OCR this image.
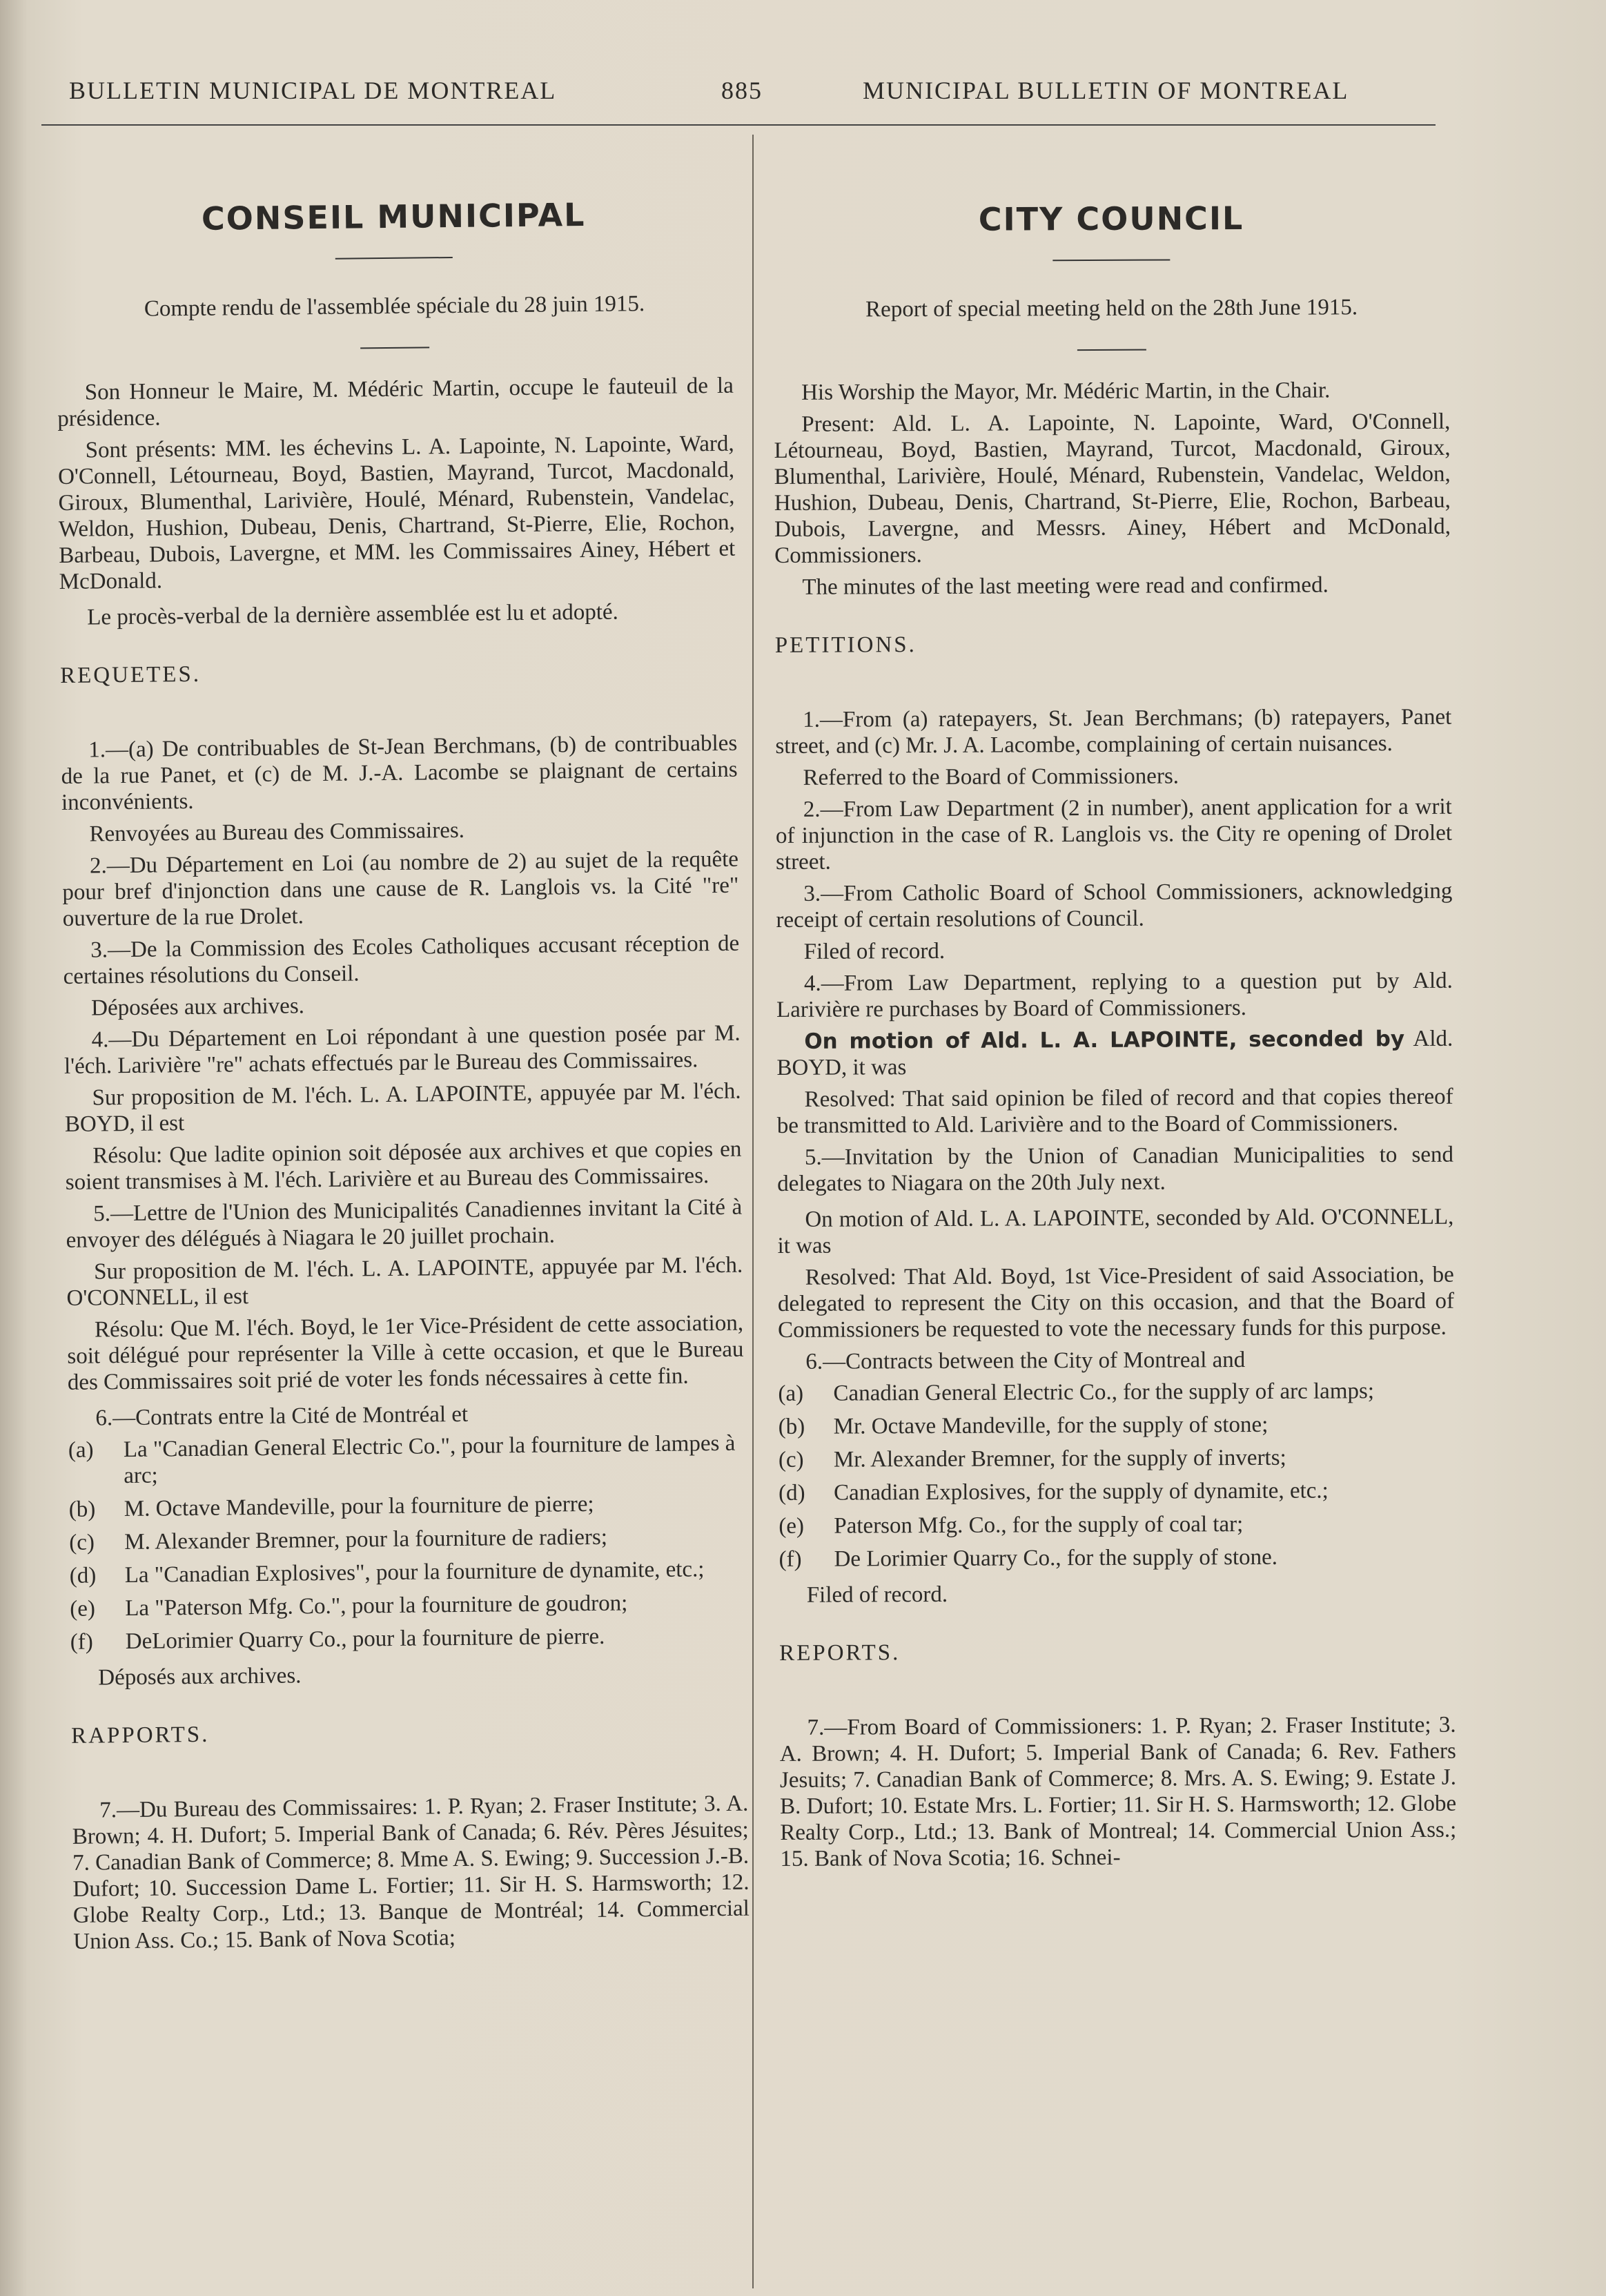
BULLETIN MUNICIPAL DE MONTREAL	885	MUNICIPAL BULLETIN OF MONTREAL
CONSEIL MUNICIPAL

Compte rendu de l'assemblée spéciale du 28 juin 1915.

Son Honneur le Maire, M. Médéric Martin, occupe le fauteuil de la présidence.

Sont présents: MM. les échevins L. A. Lapointe, N. Lapointe, Ward, O'Connell, Létourneau, Boyd, Bastien, Mayrand, Turcot, Macdonald, Giroux, Blumenthal, Larivière, Houlé, Ménard, Rubenstein, Vandelac, Weldon, Hushion, Dubeau, Denis, Chartrand, St-Pierre, Elie, Rochon, Barbeau, Dubois, Lavergne, et MM. les Commissaires Ainey, Hébert et McDonald.

Le procès-verbal de la dernière assemblée est lu et adopté.

REQUETES.

1.—(a) De contribuables de St-Jean Berchmans, (b) de contribuables de la rue Panet, et (c) de M. J.-A. Lacombe se plaignant de certains inconvénients.

Renvoyées au Bureau des Commissaires.

2.—Du Département en Loi (au nombre de 2) au sujet de la requête pour bref d'injonction dans une cause de R. Langlois vs. la Cité "re" ouverture de la rue Drolet.

3.—De la Commission des Ecoles Catholiques accusant réception de certaines résolutions du Conseil.

Déposées aux archives.

4.—Du Département en Loi répondant à une question posée par M. l'éch. Larivière "re" achats effectués par le Bureau des Commissaires.

Sur proposition de M. l'éch. L. A. LAPOINTE, appuyée par M. l'éch. BOYD, il est

Résolu: Que ladite opinion soit déposée aux archives et que copies en soient transmises à M. l'éch. Larivière et au Bureau des Commissaires.

5.—Lettre de l'Union des Municipalités Canadiennes invitant la Cité à envoyer des délégués à Niagara le 20 juillet prochain.

Sur proposition de M. l'éch. L. A. LAPOINTE, appuyée par M. l'éch. O'CONNELL, il est

Résolu: Que M. l'éch. Boyd, le 1er Vice-Président de cette association, soit délégué pour représenter la Ville à cette occasion, et que le Bureau des Commissaires soit prié de voter les fonds nécessaires à cette fin.

6.—Contrats entre la Cité de Montréal et

(a)	La "Canadian General Electric Co.", pour la fourniture de lampes à arc;
(b)	M. Octave Mandeville, pour la fourniture de pierre;
(c)	M. Alexander Bremner, pour la fourniture de radiers;
(d)	La "Canadian Explosives", pour la fourniture de dynamite, etc.;
(e)	La "Paterson Mfg. Co.", pour la fourniture de goudron;
(f)	DeLorimier Quarry Co., pour la fourniture de pierre.

Déposés aux archives.

RAPPORTS.

7.—Du Bureau des Commissaires: 1. P. Ryan; 2. Fraser Institute; 3. A. Brown; 4. H. Dufort; 5. Imperial Bank of Canada; 6. Rév. Pères Jésuites; 7. Canadian Bank of Commerce; 8. Mme A. S. Ewing; 9. Succession J.-B. Dufort; 10. Succession Dame L. Fortier; 11. Sir H. S. Harmsworth; 12. Globe Realty Corp., Ltd.; 13. Banque de Montréal; 14. Commercial Union Ass. Co.; 15. Bank of Nova Scotia;

CITY COUNCIL

Report of special meeting held on the 28th June 1915.

His Worship the Mayor, Mr. Médéric Martin, in the Chair.

Present: Ald. L. A. Lapointe, N. Lapointe, Ward, O'Connell, Létourneau, Boyd, Bastien, Mayrand, Turcot, Macdonald, Giroux, Blumenthal, Larivière, Houlé, Ménard, Rubenstein, Vandelac, Weldon, Hushion, Dubeau, Denis, Chartrand, St-Pierre, Elie, Rochon, Barbeau, Dubois, Lavergne, and Messrs. Ainey, Hébert and McDonald, Commissioners.

The minutes of the last meeting were read and confirmed.

PETITIONS.

1.—From (a) ratepayers, St. Jean Berchmans; (b) ratepayers, Panet street, and (c) Mr. J. A. Lacombe, complaining of certain nuisances.

Referred to the Board of Commissioners.

2.—From Law Department (2 in number), anent application for a writ of injunction in the case of R. Langlois vs. the City re opening of Drolet street.

3.—From Catholic Board of School Commissioners, acknowledging receipt of certain resolutions of Council.

Filed of record.

4.—From Law Department, replying to a question put by Ald. Larivière re purchases by Board of Commissioners.

On motion of Ald. L. A. LAPOINTE, seconded by Ald. BOYD, it was

Resolved: That said opinion be filed of record and that copies thereof be transmitted to Ald. Larivière and to the Board of Commissioners.

5.—Invitation by the Union of Canadian Municipalities to send delegates to Niagara on the 20th July next.

On motion of Ald. L. A. LAPOINTE, seconded by Ald. O'CONNELL, it was

Resolved: That Ald. Boyd, 1st Vice-President of said Association, be delegated to represent the City on this occasion, and that the Board of Commissioners be requested to vote the necessary funds for this purpose.

6.—Contracts between the City of Montreal and

(a)	Canadian General Electric Co., for the supply of arc lamps;
(b)	Mr. Octave Mandeville, for the supply of stone;
(c)	Mr. Alexander Bremner, for the supply of inverts;
(d)	Canadian Explosives, for the supply of dynamite, etc.;
(e)	Paterson Mfg. Co., for the supply of coal tar;
(f)	De Lorimier Quarry Co., for the supply of stone.

Filed of record.

REPORTS.

7.—From Board of Commissioners: 1. P. Ryan; 2. Fraser Institute; 3. A. Brown; 4. H. Dufort; 5. Imperial Bank of Canada; 6. Rev. Fathers Jesuits; 7. Canadian Bank of Commerce; 8. Mrs. A. S. Ewing; 9. Estate J. B. Dufort; 10. Estate Mrs. L. Fortier; 11. Sir H. S. Harmsworth; 12. Globe Realty Corp., Ltd.; 13. Bank of Montreal; 14. Commercial Union Ass.; 15. Bank of Nova Scotia; 16. Schnei-
